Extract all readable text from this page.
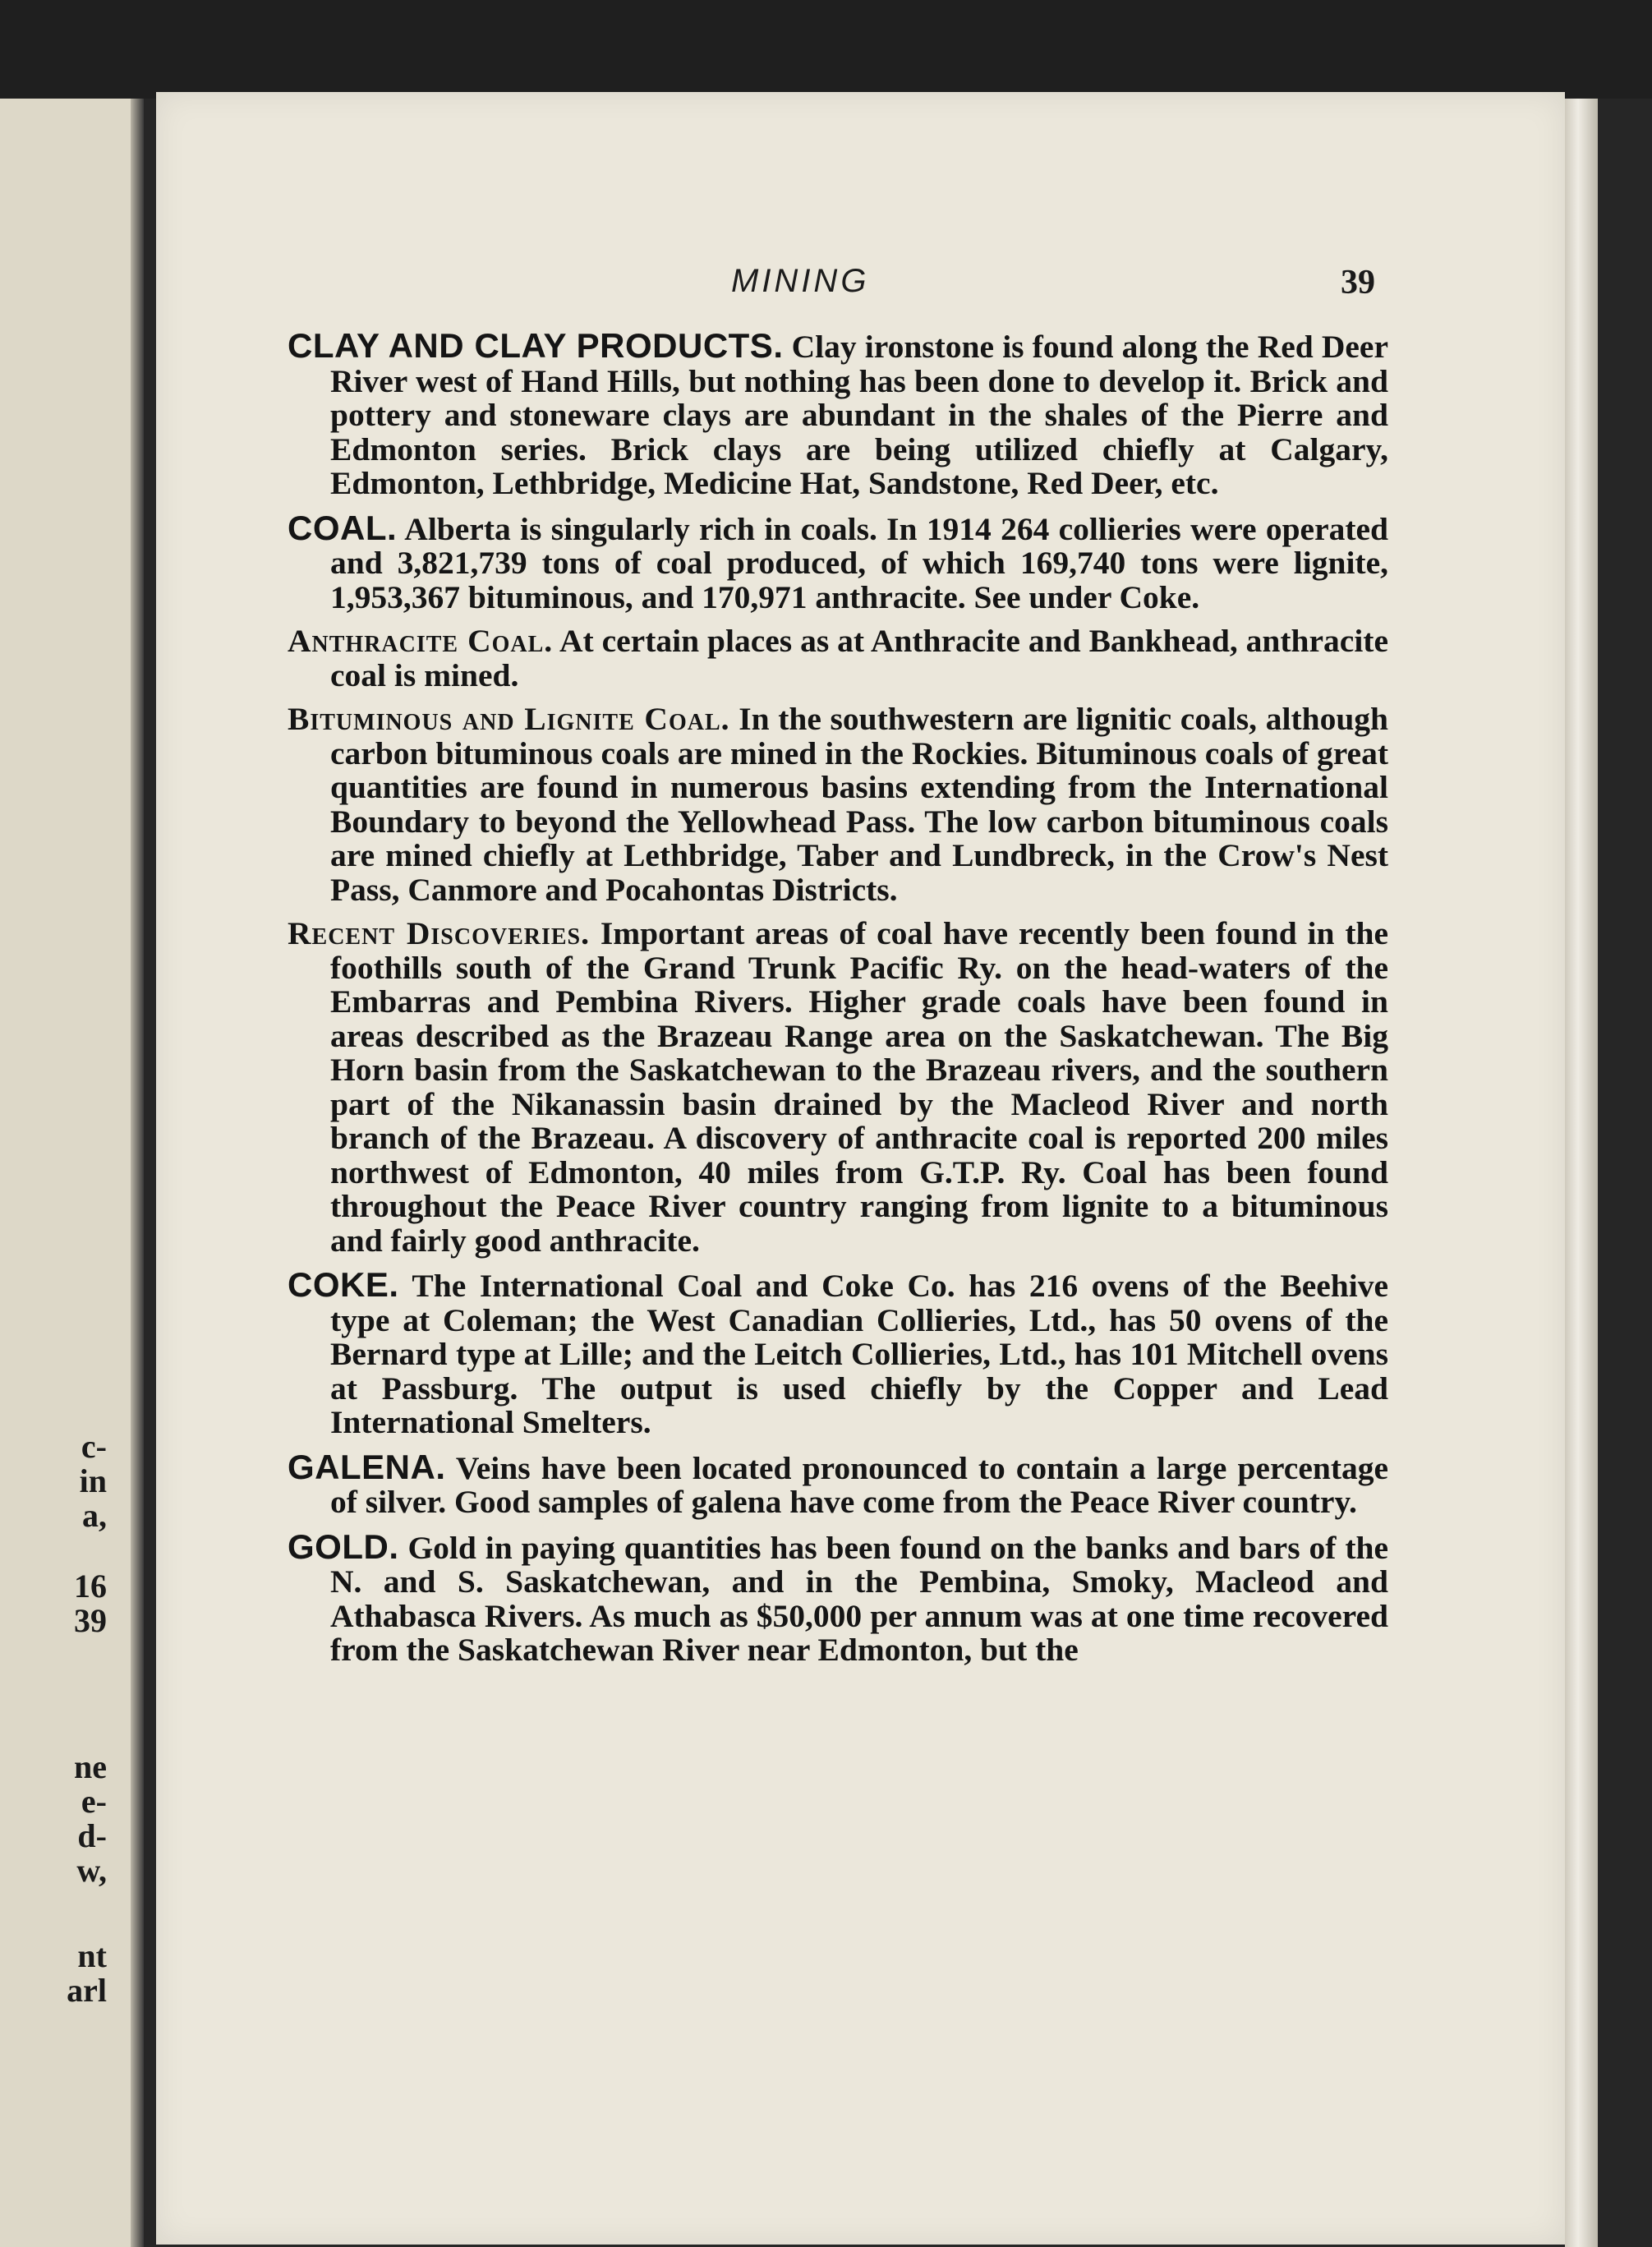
c-
in
a,
16
39
ne
e-
d-
w,
nt
arl
MINING	39

CLAY AND CLAY PRODUCTS. Clay ironstone is found along the Red Deer River west of Hand Hills, but nothing has been done to develop it. Brick and pottery and stoneware clays are abundant in the shales of the Pierre and Edmonton series. Brick clays are being utilized chiefly at Calgary, Edmonton, Lethbridge, Medicine Hat, Sandstone, Red Deer, etc.

COAL. Alberta is singularly rich in coals. In 1914 264 collieries were operated and 3,821,739 tons of coal produced, of which 169,740 tons were lignite, 1,953,367 bituminous, and 170,971 anthracite. See under Coke.

Anthracite Coal. At certain places as at Anthracite and Bankhead, anthracite coal is mined.

Bituminous and Lignite Coal. In the southwestern are lignitic coals, although carbon bituminous coals are mined in the Rockies. Bituminous coals of great quantities are found in numerous basins extending from the International Boundary to beyond the Yellowhead Pass. The low carbon bituminous coals are mined chiefly at Lethbridge, Taber and Lundbreck, in the Crow's Nest Pass, Canmore and Pocahontas Districts.

Recent Discoveries. Important areas of coal have recently been found in the foothills south of the Grand Trunk Pacific Ry. on the head-waters of the Embarras and Pembina Rivers. Higher grade coals have been found in areas described as the Brazeau Range area on the Saskatchewan. The Big Horn basin from the Saskatchewan to the Brazeau rivers, and the southern part of the Nikanassin basin drained by the Macleod River and north branch of the Brazeau. A discovery of anthracite coal is reported 200 miles northwest of Edmonton, 40 miles from G.T.P. Ry. Coal has been found throughout the Peace River country ranging from lignite to a bituminous and fairly good anthracite.

COKE. The International Coal and Coke Co. has 216 ovens of the Beehive type at Coleman; the West Canadian Collieries, Ltd., has 50 ovens of the Bernard type at Lille; and the Leitch Collieries, Ltd., has 101 Mitchell ovens at Passburg. The output is used chiefly by the Copper and Lead International Smelters.

GALENA. Veins have been located pronounced to contain a large percentage of silver. Good samples of galena have come from the Peace River country.

GOLD. Gold in paying quantities has been found on the banks and bars of the N. and S. Saskatchewan, and in the Pembina, Smoky, Macleod and Athabasca Rivers. As much as $50,000 per annum was at one time recovered from the Saskatchewan River near Edmonton, but the
